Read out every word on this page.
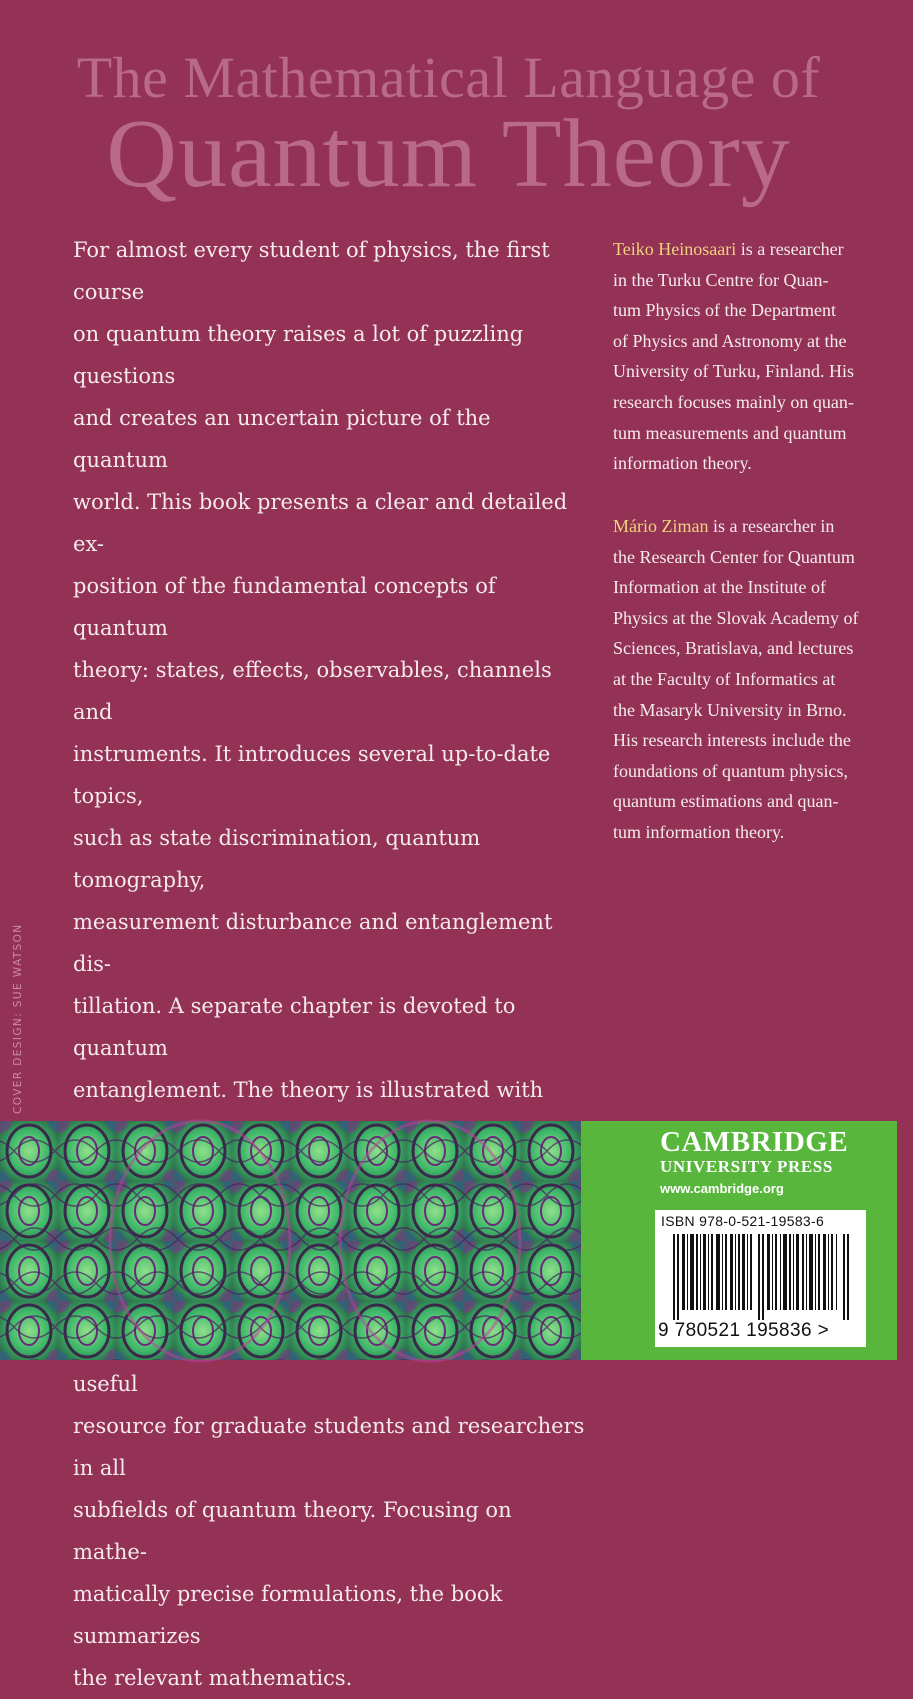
The Mathematical Language of
Quantum Theory
For almost every student of physics, the first course
on quantum theory raises a lot of puzzling questions
and creates an uncertain picture of the quantum
world. This book presents a clear and detailed ex-
position of the fundamental concepts of quantum
theory: states, effects, observables, channels and
instruments. It introduces several up-to-date topics,
such as state discrimination, quantum tomography,
measurement disturbance and entanglement dis-
tillation. A separate chapter is devoted to quantum
entanglement. The theory is illustrated with
useful
resource for graduate students and researchers in all
subfields of quantum theory. Focusing on mathe-
matically precise formulations, the book summarizes
the relevant mathematics.
Teiko Heinosaari is a researcher
in the Turku Centre for Quan-
tum Physics of the Department
of Physics and Astronomy at the
University of Turku, Finland. His
research focuses mainly on quan-
tum measurements and quantum
information theory.
Mário Ziman is a researcher in
the Research Center for Quantum
Information at the Institute of
Physics at the Slovak Academy of
Sciences, Bratislava, and lectures
at the Faculty of Informatics at
the Masaryk University in Brno.
His research interests include the
foundations of quantum physics,
quantum estimations and quan-
tum information theory.
COVER DESIGN: SUE WATSON
CAMBRIDGE
UNIVERSITY PRESS
www.cambridge.org
ISBN 978-0-521-19583-6
9 780521 195836 >
